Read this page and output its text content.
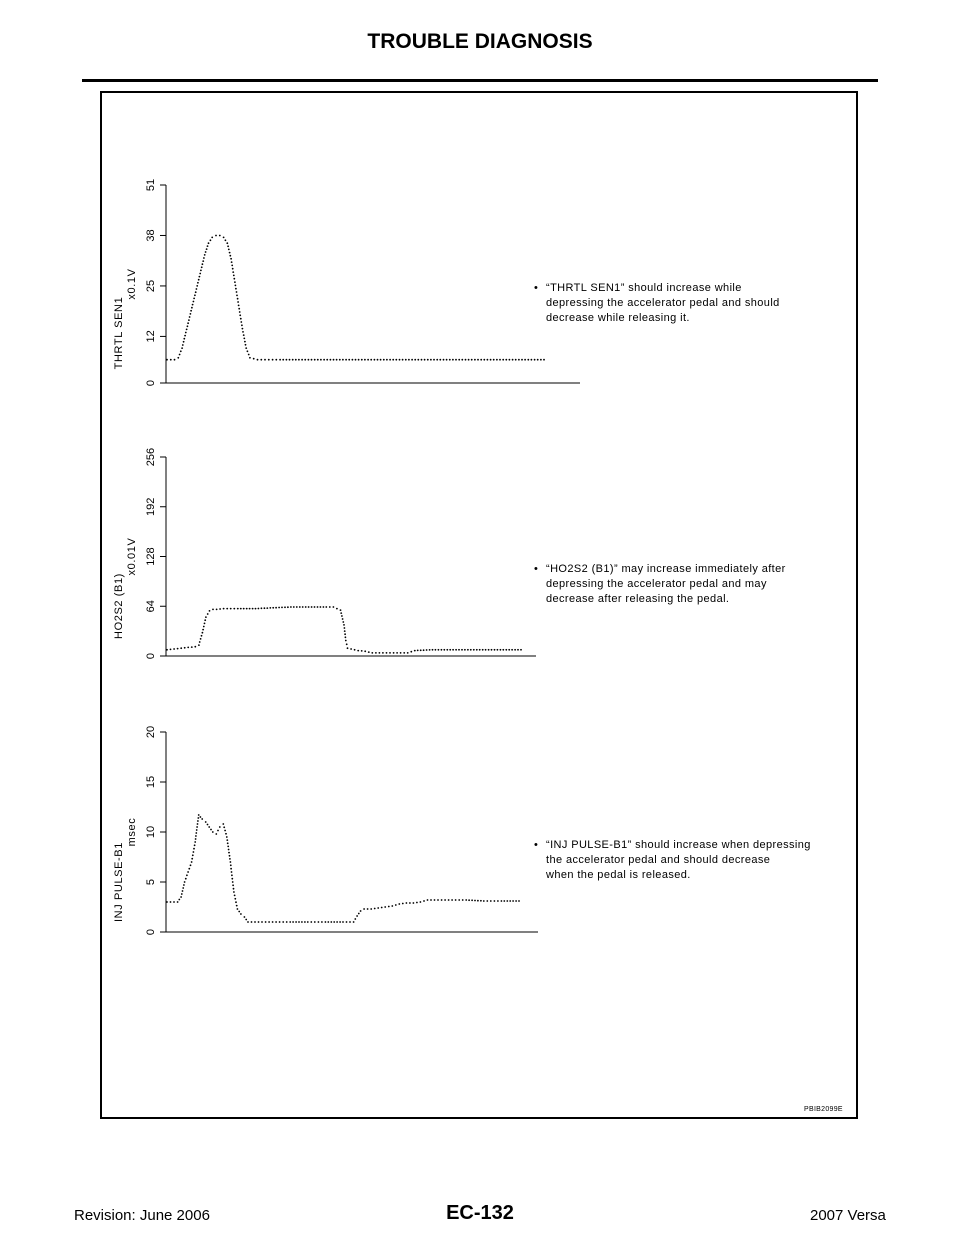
TROUBLE DIAGNOSIS
0
12
25
38
51
THRTL SEN1
x0.1V
0
64
128
192
256
HO2S2 (B1)
x0.01V
0
5
10
15
20
INJ PULSE-B1
msec
• “THRTL SEN1” should increase while
depressing the accelerator pedal and should
decrease while releasing it.
• “HO2S2 (B1)” may increase immediately after
depressing the accelerator pedal and may
decrease after releasing the pedal.
• “INJ PULSE-B1” should increase when depressing
the accelerator pedal and should decrease
when the pedal is released.
PBIB2099E
Revision: June 2006	EC-132	2007 Versa
